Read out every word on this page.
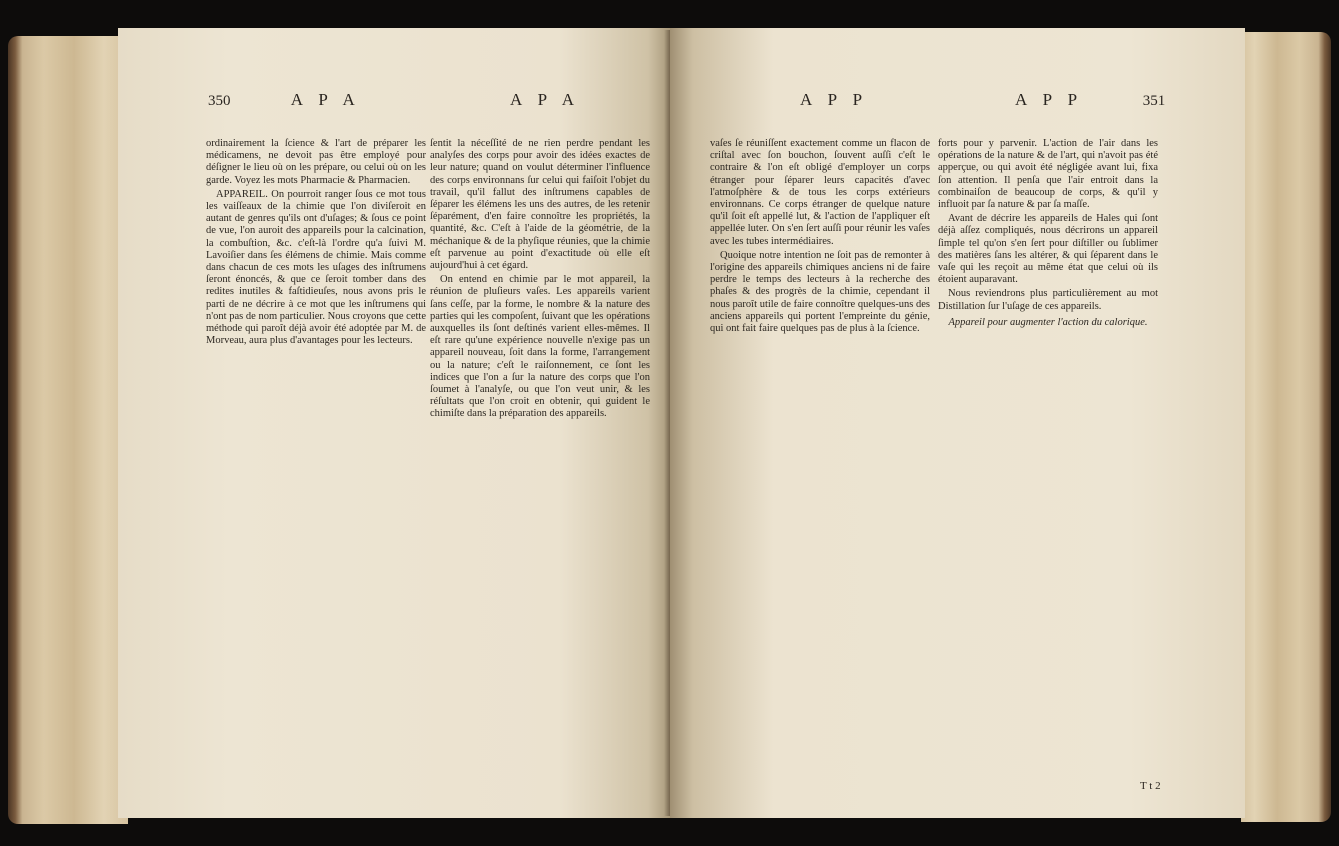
350	A P A	A P A

ordinairement la ſcience & l'art de préparer les médicamens, ne devoit pas être employé pour déſigner le lieu où on les prépare, ou celui où on les garde. Voyez les mots Pharmacie & Pharmacien.

APPAREIL. On pourroit ranger ſous ce mot tous les vaiſſeaux de la chimie que l'on diviſeroit en autant de genres qu'ils ont d'uſages; & ſous ce point de vue, l'on auroit des appareils pour la calcination, la combuſtion, &c. c'eſt-là l'ordre qu'a ſuivi M. Lavoiſier dans ſes élémens de chimie. Mais comme dans chacun de ces mots les uſages des inſtrumens ſeront énoncés, & que ce ſeroit tomber dans des redites inutiles & faſtidieuſes, nous avons pris le parti de ne décrire à ce mot que les inſtrumens qui n'ont pas de nom particulier. Nous croyons que cette méthode qui paroît déjà avoir été adoptée par M. de Morveau, aura plus d'avantages pour les lecteurs.

ſentit la néceſſité de ne rien perdre pendant les analyſes des corps pour avoir des idées exactes de leur nature; quand on voulut déterminer l'influence des corps environnans ſur celui qui faiſoit l'objet du travail, qu'il fallut des inſtrumens capables de ſéparer les élémens les uns des autres, de les retenir ſéparément, d'en faire connoître les propriétés, la quantité, &c. C'eſt à l'aide de la géométrie, de la méchanique & de la phyſique réunies, que la chimie eſt parvenue au point d'exactitude où elle eſt aujourd'hui à cet égard.

On entend en chimie par le mot appareil, la réunion de pluſieurs vaſes. Les appareils varient ſans ceſſe, par la forme, le nombre & la nature des parties qui les compoſent, ſuivant que les opérations auxquelles ils ſont deſtinés varient elles-mêmes. Il eſt rare qu'une expérience nouvelle n'exige pas un appareil nouveau, ſoit dans la forme, l'arrangement ou la nature; c'eſt le raiſonnement, ce ſont les indices que l'on a ſur la nature des corps que l'on ſoumet à l'analyſe, ou que l'on veut unir, & les réſultats que l'on croit en obtenir, qui guident le chimiſte dans la préparation des appareils.

A P P	A P P	351

vaſes ſe réuniſſent exactement comme un flacon de criſtal avec ſon bouchon, ſouvent auſſi c'eſt le contraire & l'on eſt obligé d'employer un corps étranger pour ſéparer leurs capacités d'avec l'atmoſphère & de tous les corps extérieurs environnans. Ce corps étranger de quelque nature qu'il ſoit eſt appellé lut, & l'action de l'appliquer eſt appellée luter. On s'en ſert auſſi pour réunir les vaſes avec les tubes intermédiaires.

Quoique notre intention ne ſoit pas de remonter à l'origine des appareils chimiques anciens ni de faire perdre le temps des lecteurs à la recherche des phaſes & des progrès de la chimie, cependant il nous paroît utile de faire connoître quelques-uns des anciens appareils qui portent l'empreinte du génie, qui ont fait faire quelques pas de plus à la ſcience.

forts pour y parvenir. L'action de l'air dans les opérations de la nature & de l'art, qui n'avoit pas été apperçue, ou qui avoit été négligée avant lui, fixa ſon attention. Il penſa que l'air entroit dans la combinaiſon de beaucoup de corps, & qu'il y influoit par ſa nature & par ſa maſſe.

Avant de décrire les appareils de Hales qui ſont déjà aſſez compliqués, nous décrirons un appareil ſimple tel qu'on s'en ſert pour diſtiller ou ſublimer des matières ſans les altérer, & qui ſéparent dans le vaſe qui les reçoit au même état que celui où ils étoient auparavant.

Nous reviendrons plus particulièrement au mot Distillation ſur l'uſage de ces appareils.

Appareil pour augmenter l'action du calorique.

T t 2
